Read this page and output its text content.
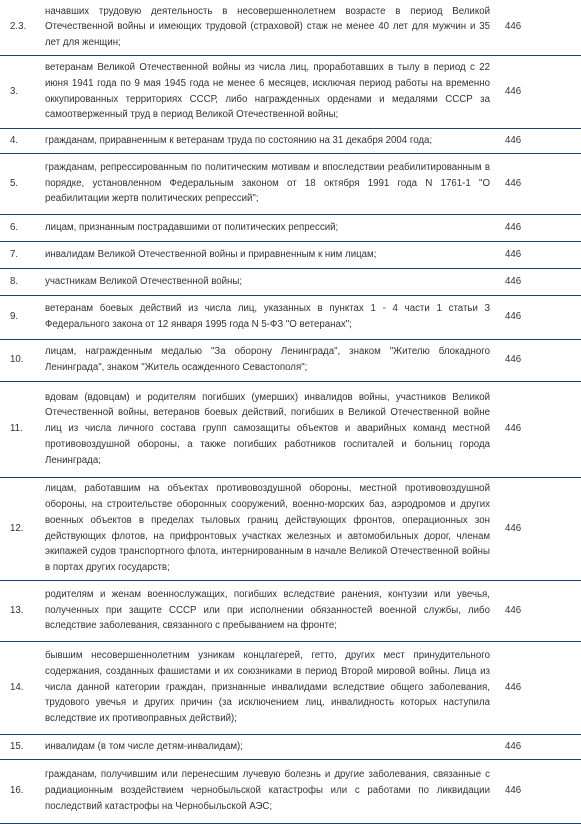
2.3.	начавших трудовую деятельность в несовершеннолетнем возрасте в период Великой Отечественной войны и имеющих трудовой (страховой) стаж не менее 40 лет для мужчин и 35 лет для женщин;	446
3.	ветеранам Великой Отечественной войны из числа лиц, проработавших в тылу в период с 22 июня 1941 года по 9 мая 1945 года не менее 6 месяцев, исключая период работы на временно оккупированных территориях СССР, либо награжденных орденами и медалями СССР за самоотверженный труд в период Великой Отечественной войны;	446
4.	гражданам, приравненным к ветеранам труда по состоянию на 31 декабря 2004 года;	446
5.	гражданам, репрессированным по политическим мотивам и впоследствии реабилитированным в порядке, установленном Федеральным законом от 18 октября 1991 года N 1761-1 "О реабилитации жертв политических репрессий";	446
6.	лицам, признанным пострадавшими от политических репрессий;	446
7.	инвалидам Великой Отечественной войны и приравненным к ним лицам;	446
8.	участникам Великой Отечественной войны;	446
9.	ветеранам боевых действий из числа лиц, указанных в пунктах 1 - 4 части 1 статьи 3 Федерального закона от 12 января 1995 года N 5-ФЗ "О ветеранах";	446
10.	лицам, награжденным медалью "За оборону Ленинграда", знаком "Жителю блокадного Ленинграда", знаком "Житель осажденного Севастополя";	446
11.	вдовам (вдовцам) и родителям погибших (умерших) инвалидов войны, участников Великой Отечественной войны, ветеранов боевых действий, погибших в Великой Отечественной войне лиц из числа личного состава групп самозащиты объектов и аварийных команд местной противовоздушной обороны, а также погибших работников госпиталей и больниц города Ленинграда;	446
12.	лицам, работавшим на объектах противовоздушной обороны, местной противовоздушной обороны, на строительстве оборонных сооружений, военно-морских баз, аэродромов и других военных объектов в пределах тыловых границ действующих фронтов, операционных зон действующих флотов, на прифронтовых участках железных и автомобильных дорог, членам экипажей судов транспортного флота, интернированным в начале Великой Отечественной войны в портах других государств;	446
13.	родителям и женам военнослужащих, погибших вследствие ранения, контузии или увечья, полученных при защите СССР или при исполнении обязанностей военной службы, либо вследствие заболевания, связанного с пребыванием на фронте;	446
14.	бывшим несовершеннолетним узникам концлагерей, гетто, других мест принудительного содержания, созданных фашистами и их союзниками в период Второй мировой войны. Лица из числа данной категории граждан, признанные инвалидами вследствие общего заболевания, трудового увечья и других причин (за исключением лиц, инвалидность которых наступила вследствие их противоправных действий);	446
15.	инвалидам (в том числе детям-инвалидам);	446
16.	гражданам, получившим или перенесшим лучевую болезнь и другие заболевания, связанные с радиационным воздействием чернобыльской катастрофы или с работами по ликвидации последствий катастрофы на Чернобыльской АЭС;	446
